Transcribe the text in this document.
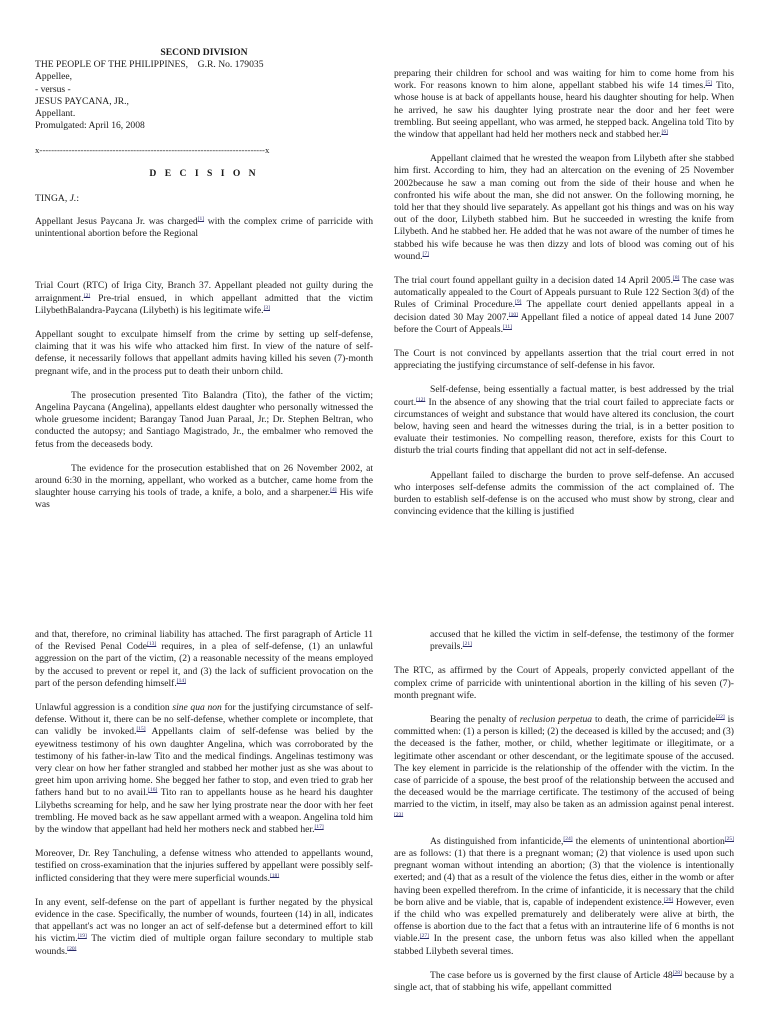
SECOND DIVISION

THE PEOPLE OF THE PHILIPPINES, G.R. No. 179035

Appellee,

- versus -

JESUS PAYCANA, JR.,

Appellant.

Promulgated: April 16, 2008

x-----------------------------------------------------------------------------x

D E C I S I O N

TINGA, J.:

Appellant Jesus Paycana Jr. was charged[1] with the complex crime of parricide with unintentional abortion before the Regional

Trial Court (RTC) of Iriga City, Branch 37. Appellant pleaded not guilty during the arraignment.[2] Pre-trial ensued, in which appellant admitted that the victim LilybethBalandra-Paycana (Lilybeth) is his legitimate wife.[3]

Appellant sought to exculpate himself from the crime by setting up self-defense, claiming that it was his wife who attacked him first. In view of the nature of self-defense, it necessarily follows that appellant admits having killed his seven (7)-month pregnant wife, and in the process put to death their unborn child.

The prosecution presented Tito Balandra (Tito), the father of the victim; Angelina Paycana (Angelina), appellants eldest daughter who personally witnessed the whole gruesome incident; Barangay Tanod Juan Paraal, Jr.; Dr. Stephen Beltran, who conducted the autopsy; and Santiago Magistrado, Jr., the embalmer who removed the fetus from the deceaseds body.

The evidence for the prosecution established that on 26 November 2002, at around 6:30 in the morning, appellant, who worked as a butcher, came home from the slaughter house carrying his tools of trade, a knife, a bolo, and a sharpener.[4] His wife was

preparing their children for school and was waiting for him to come home from his work. For reasons known to him alone, appellant stabbed his wife 14 times.[5] Tito, whose house is at back of appellants house, heard his daughter shouting for help. When he arrived, he saw his daughter lying prostrate near the door and her feet were trembling. But seeing appellant, who was armed, he stepped back. Angelina told Tito by the window that appellant had held her mothers neck and stabbed her.[6]

Appellant claimed that he wrested the weapon from Lilybeth after she stabbed him first. According to him, they had an altercation on the evening of 25 November 2002because he saw a man coming out from the side of their house and when he confronted his wife about the man, she did not answer. On the following morning, he told her that they should live separately. As appellant got his things and was on his way out of the door, Lilybeth stabbed him. But he succeeded in wresting the knife from Lilybeth. And he stabbed her. He added that he was not aware of the number of times he stabbed his wife because he was then dizzy and lots of blood was coming out of his wound.[7]

The trial court found appellant guilty in a decision dated 14 April 2005.[8] The case was automatically appealed to the Court of Appeals pursuant to Rule 122 Section 3(d) of the Rules of Criminal Procedure.[9] The appellate court denied appellants appeal in a decision dated 30 May 2007.[10] Appellant filed a notice of appeal dated 14 June 2007 before the Court of Appeals.[11]

The Court is not convinced by appellants assertion that the trial court erred in not appreciating the justifying circumstance of self-defense in his favor.

Self-defense, being essentially a factual matter, is best addressed by the trial court.[12] In the absence of any showing that the trial court failed to appreciate facts or circumstances of weight and substance that would have altered its conclusion, the court below, having seen and heard the witnesses during the trial, is in a better position to evaluate their testimonies. No compelling reason, therefore, exists for this Court to disturb the trial courts finding that appellant did not act in self-defense.

Appellant failed to discharge the burden to prove self-defense. An accused who interposes self-defense admits the commission of the act complained of. The burden to establish self-defense is on the accused who must show by strong, clear and convincing evidence that the killing is justified

and that, therefore, no criminal liability has attached. The first paragraph of Article 11 of the Revised Penal Code[13] requires, in a plea of self-defense, (1) an unlawful aggression on the part of the victim, (2) a reasonable necessity of the means employed by the accused to prevent or repel it, and (3) the lack of sufficient provocation on the part of the person defending himself.[14]

Unlawful aggression is a condition sine qua non for the justifying circumstance of self-defense. Without it, there can be no self-defense, whether complete or incomplete, that can validly be invoked.[15] Appellants claim of self-defense was belied by the eyewitness testimony of his own daughter Angelina, which was corroborated by the testimony of his father-in-law Tito and the medical findings. Angelinas testimony was very clear on how her father strangled and stabbed her mother just as she was about to greet him upon arriving home. She begged her father to stop, and even tried to grab her fathers hand but to no avail.[16] Tito ran to appellants house as he heard his daughter Lilybeths screaming for help, and he saw her lying prostrate near the door with her feet trembling. He moved back as he saw appellant armed with a weapon. Angelina told him by the window that appellant had held her mothers neck and stabbed her.[17]

Moreover, Dr. Rey Tanchuling, a defense witness who attended to appellants wound, testified on cross-examination that the injuries suffered by appellant were possibly self-inflicted considering that they were mere superficial wounds.[18]

In any event, self-defense on the part of appellant is further negated by the physical evidence in the case. Specifically, the number of wounds, fourteen (14) in all, indicates that appellant's act was no longer an act of self-defense but a determined effort to kill his victim.[19] The victim died of multiple organ failure secondary to multiple stab wounds.[20]

accused that he killed the victim in self-defense, the testimony of the former prevails.[21]

The RTC, as affirmed by the Court of Appeals, properly convicted appellant of the complex crime of parricide with unintentional abortion in the killing of his seven (7)-month pregnant wife.

Bearing the penalty of reclusion perpetua to death, the crime of parricide[22] is committed when: (1) a person is killed; (2) the deceased is killed by the accused; and (3) the deceased is the father, mother, or child, whether legitimate or illegitimate, or a legitimate other ascendant or other descendant, or the legitimate spouse of the accused. The key element in parricide is the relationship of the offender with the victim. In the case of parricide of a spouse, the best proof of the relationship between the accused and the deceased would be the marriage certificate. The testimony of the accused of being married to the victim, in itself, may also be taken as an admission against penal interest.[23]

As distinguished from infanticide,[24] the elements of unintentional abortion[25] are as follows: (1) that there is a pregnant woman; (2) that violence is used upon such pregnant woman without intending an abortion; (3) that the violence is intentionally exerted; and (4) that as a result of the violence the fetus dies, either in the womb or after having been expelled therefrom. In the crime of infanticide, it is necessary that the child be born alive and be viable, that is, capable of independent existence.[26] However, even if the child who was expelled prematurely and deliberately were alive at birth, the offense is abortion due to the fact that a fetus with an intrauterine life of 6 months is not viable.[27] In the present case, the unborn fetus was also killed when the appellant stabbed Lilybeth several times.

The case before us is governed by the first clause of Article 48[28] because by a single act, that of stabbing his wife, appellant committed
